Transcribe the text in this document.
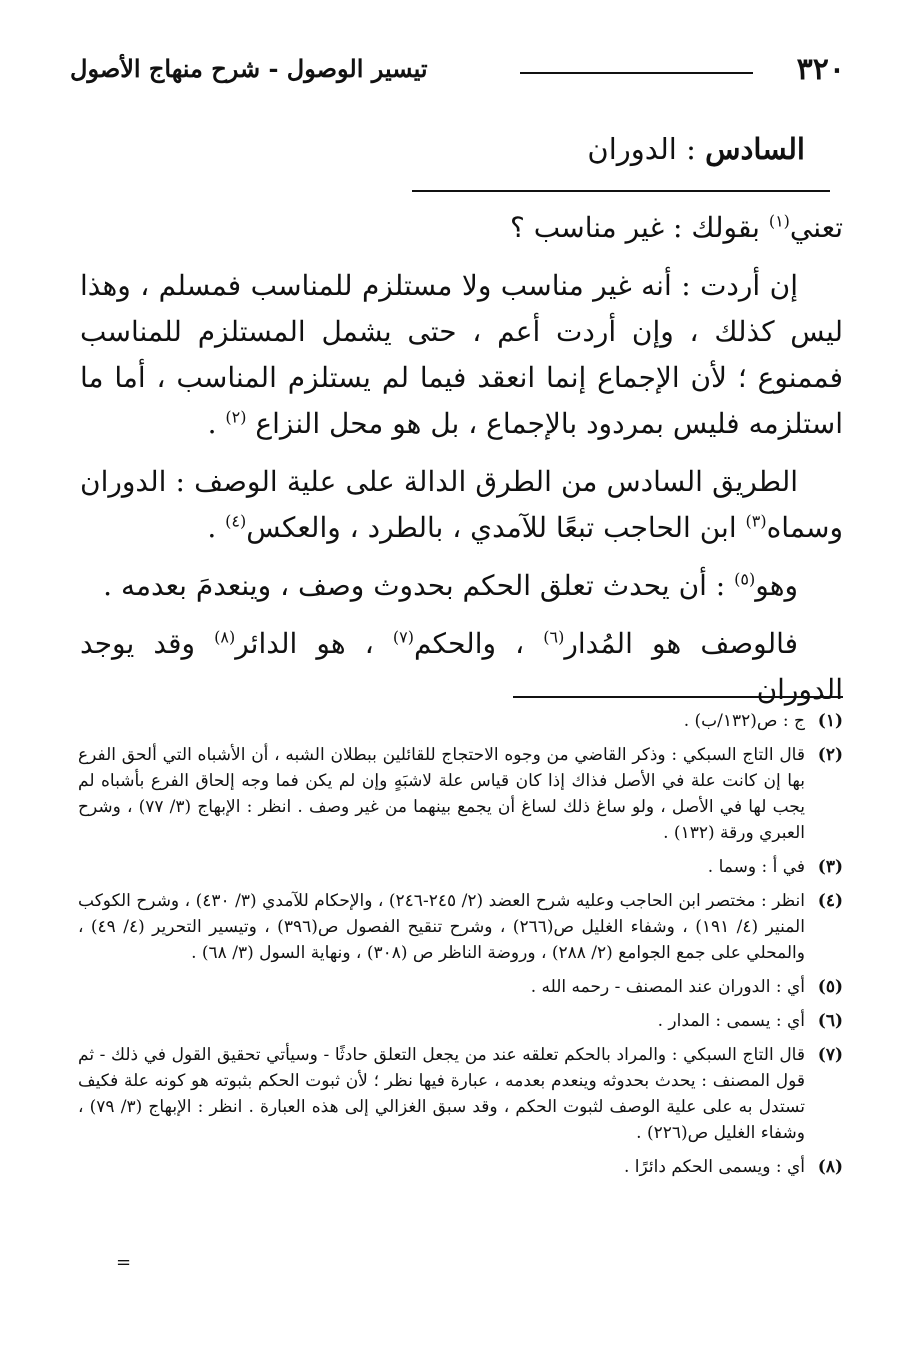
٣٢٠
تيسير الوصول - شرح منهاج الأصول
السادس : الدوران

تعني$^{(١)}$ بقولك : غير مناسب ؟

إن أردت : أنه غير مناسب ولا مستلزم للمناسب فمسلم ، وهذا ليس كذلك ، وإن أردت أعم ، حتى يشمل المستلزم للمناسب فممنوع ؛ لأن الإجماع إنما انعقد فيما لم يستلزم المناسب ، أما ما استلزمه فليس بمردود بالإجماع ، بل هو محل النزاع $^{(٢)}$ .

الطريق السادس من الطرق الدالة على علية الوصف : الدوران وسماه$^{(٣)}$ ابن الحاجب تبعًا للآمدي ، بالطرد ، والعكس$^{(٤)}$ .

وهو$^{(٥)}$ : أن يحدث تعلق الحكم بحدوث وصف ، وينعدمَ بعدمه .

فالوصف هو المُدار$^{(٦)}$ ، والحكم$^{(٧)}$ ، هو الدائر$^{(٨)}$ وقد يوجد الدوران

(١)
ج : ص(١٣٢/ب) .
(٢)
قال التاج السبكي : وذكر القاضي من وجوه الاحتجاج للقائلين ببطلان الشبه ، أن الأشباه التي ألحق الفرع بها إن كانت علة في الأصل فذاك إذا كان قياس علة لاشبَهٍ وإن لم يكن فما وجه إلحاق الفرع بأشباه لم يجب لها في الأصل ، ولو ساغ ذلك لساغ أن يجمع بينهما من غير وصف . انظر : الإبهاج (٣/ ٧٧) ، وشرح العبري ورقة (١٣٢) .
(٣)
في أ : وسما .
(٤)
انظر : مختصر ابن الحاجب وعليه شرح العضد (٢/ ٢٤٥-٢٤٦) ، والإحكام للآمدي (٣/ ٤٣٠) ، وشرح الكوكب المنير (٤/ ١٩١) ، وشفاء الغليل ص(٢٦٦) ، وشرح تنقيح الفصول ص(٣٩٦) ، وتيسير التحرير (٤/ ٤٩) ، والمحلي على جمع الجوامع (٢/ ٢٨٨) ، وروضة الناظر ص (٣٠٨) ، ونهاية السول (٣/ ٦٨) .
(٥)
أي : الدوران عند المصنف - رحمه الله .
(٦)
أي : يسمى : المدار .
(٧)
قال التاج السبكي : والمراد بالحكم تعلقه عند من يجعل التعلق حادثًا - وسيأتي تحقيق القول في ذلك - ثم قول المصنف : يحدث بحدوثه وينعدم بعدمه ، عبارة فيها نظر ؛ لأن ثبوت الحكم بثبوته هو كونه علة فكيف تستدل به على علية الوصف لثبوت الحكم ، وقد سبق الغزالي إلى هذه العبارة . انظر : الإبهاج (٣/ ٧٩) ، وشفاء الغليل ص(٢٢٦) .
(٨)
أي : ويسمى الحكم دائرًا .
=
